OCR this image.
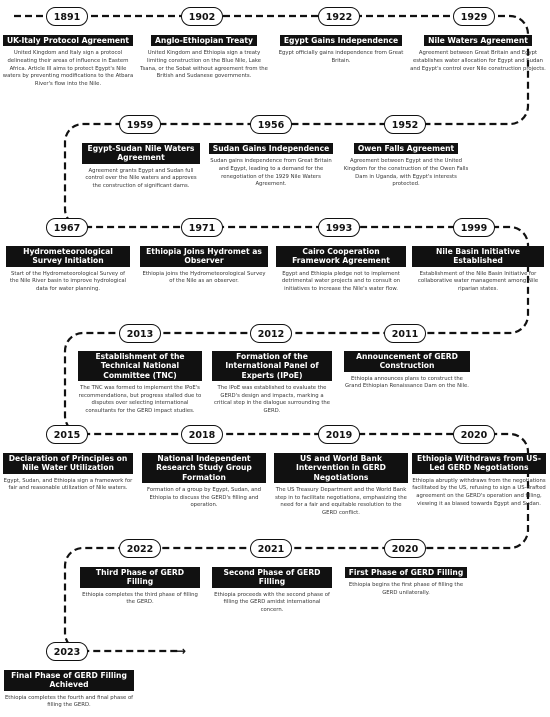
1891	1902	1922	1929
UK-Italy Protocol Agreement
United Kingdom and Italy sign a protocol delineating their areas of influence in Eastern Africa. Article III aims to protect Egypt's Nile waters by preventing modifications to the Atbara River's flow into the Nile.
Anglo-Ethiopian Treaty
United Kingdom and Ethiopia sign a treaty limiting construction on the Blue Nile, Lake Tsana, or the Sobat without agreement from the British and Sudanese governments.
Egypt Gains Independence
Egypt officially gains independence from Great Britain.
Nile Waters Agreement
Agreement between Great Britain and Egypt establishes water allocation for Egypt and Sudan and Egypt's control over Nile construction projects.
1959	1956	1952
Egypt-Sudan Nile Waters Agreement
Agreement grants Egypt and Sudan full control over the Nile waters and approves the construction of significant dams.
Sudan Gains Independence
Sudan gains independence from Great Britain and Egypt, leading to a demand for the renegotiation of the 1929 Nile Waters Agreement.
Owen Falls Agreement
Agreement between Egypt and the United Kingdom for the construction of the Owen Falls Dam in Uganda, with Egypt's interests protected.
1967	1971	1993	1999
Hydrometeorological Survey Initiation
Start of the Hydrometeorological Survey of the Nile River basin to improve hydrological data for water planning.
Ethiopia Joins Hydromet as Observer
Ethiopia joins the Hydrometeorological Survey of the Nile as an observer.
Cairo Cooperation Framework Agreement
Egypt and Ethiopia pledge not to implement detrimental water projects and to consult on initiatives to increase the Nile's water flow.
Nile Basin Initiative Established
Establishment of the Nile Basin Initiative for collaborative water management among Nile riparian states.
2013	2012	2011
Establishment of the Technical National Committee (TNC)
The TNC was formed to implement the IPoE's recommendations, but progress stalled due to disputes over selecting international consultants for the GERD impact studies.
Formation of the International Panel of Experts (IPoE)
The IPoE was established to evaluate the GERD's design and impacts, marking a critical step in the dialogue surrounding the GERD.
Announcement of GERD Construction
Ethiopia announces plans to construct the Grand Ethiopian Renaissance Dam on the Nile.
2015	2018	2019	2020
Declaration of Principles on Nile Water Utilization
Egypt, Sudan, and Ethiopia sign a framework for fair and reasonable utilization of Nile waters.
National Independent Research Study Group Formation
Formation of a group by Egypt, Sudan, and Ethiopia to discuss the GERD's filling and operation.
US and World Bank Intervention in GERD Negotiations
The US Treasury Department and the World Bank step in to facilitate negotiations, emphasizing the need for a fair and equitable resolution to the GERD conflict.
Ethiopia Withdraws from US-Led GERD Negotiations
Ethiopia abruptly withdraws from the negotiations facilitated by the US, refusing to sign a US-drafted agreement on the GERD's operation and filling, viewing it as biased towards Egypt and Sudan.
2022	2021	2020
Third Phase of GERD Filling
Ethiopia completes the third phase of filling the GERD.
Second Phase of GERD Filling
Ethiopia proceeds with the second phase of filling the GERD amidst international concern.
First Phase of GERD Filling
Ethiopia begins the first phase of filling the GERD unilaterally.
2023	→
Final Phase of GERD Filling Achieved
Ethiopia completes the fourth and final phase of filling the GERD.
